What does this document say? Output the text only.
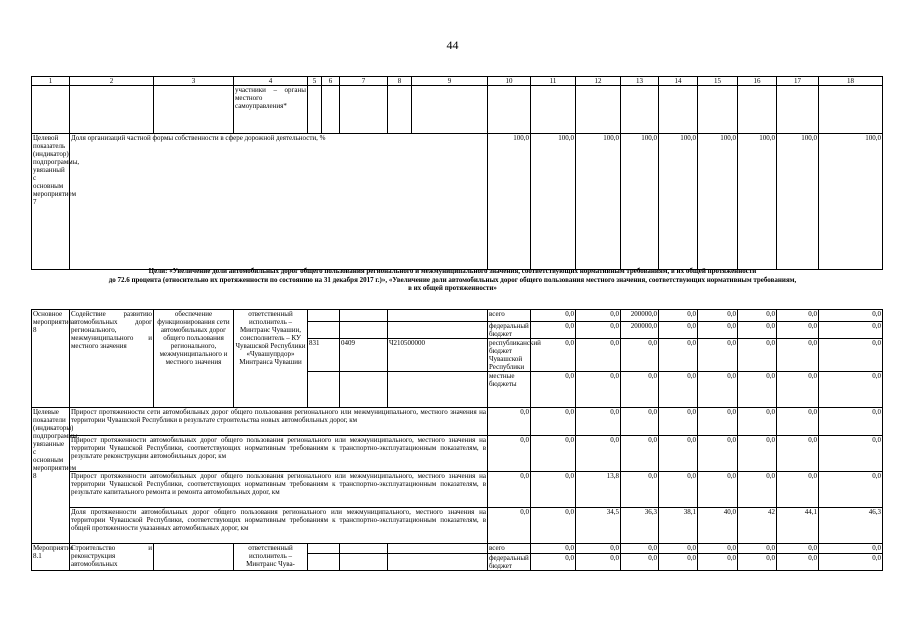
44
1	2	3	4	5	6	7	8	9	10	11	12	13	14	15	16	17	18
			участники – органы местного самоуправления*														
Целевой показатель (индикатор) подпрограммы, увязанный с основным мероприятием 7	Доля организаций частной формы собственности в сфере дорожной деятельности, %								100,0	100,0	100,0	100,0	100,0	100,0	100,0	100,0	100,0
Цели: «Увеличение доли автомобильных дорог общего пользования регионального и межмуниципального значения, соответствующих нормативным требованиям, в их общей протяженности
до 72.6 процента (относительно их протяженности по состоянию на 31 декабря 2017 г.)», «Увеличение доли автомобильных дорог общего пользования местного значения, соответствующих нормативным требованиям,
в их общей протяженности»
Основное мероприятие 8	Содействие развитию автомобильных дорог регионального, межмуниципального и местного значения	обеспечение функционирования сети автомобильных дорог общего пользования регионального, межмуниципального и местного значения	ответственный исполнитель – Минтранс Чувашии, соисполнитель – КУ Чувашской Республики «Чувашупрдор» Минтранса Чувашии				всего	0,0	0,0	200000,0	0,0	0,0	0,0	0,0	0,0	
							федеральный бюджет	0,0	0,0	200000,0	0,0	0,0	0,0	0,0	0,0	
				831	0409	Ч210500000	республиканский бюджет Чувашской Республики	0,0	0,0	0,0	0,0	0,0	0,0	0,0	0,0	
							местные бюджеты	0,0	0,0	0,0	0,0	0,0	0,0	0,0	0,0	
Целевые показатели (индикаторы) подпрограммы, увязанные с основным мероприятием 8	Прирост протяженности сети автомобильных дорог общего пользования регионального или межмуниципального, местного значения на территории Чувашской Республики в результате строительства новых автомобильных дорог, км						0,0	0,0	0,0	0,0	0,0	0,0	0,0	0,0	0,0	
	Прирост протяженности автомобильных дорог общего пользования регионального или межмуниципального, местного значения на территории Чувашской Республики, соответствующих нормативным требованиям к транспортно-эксплуатационным показателям, в результате реконструкции автомобильных дорог, км						0,0	0,0	0,0	0,0	0,0	0,0	0,0	0,0	0,0	
	Прирост протяженности автомобильных дорог общего пользования регионального или межмуниципального, местного значения на территории Чувашской Республики, соответствующих нормативным требованиям к транспортно-эксплуатационным показателям, в результате капитального ремонта и ремонта автомобильных дорог, км						0,0	0,0	13,8	0,0	0,0	0,0	0,0	0,0	0,0	
	Доля протяженности автомобильных дорог общего пользования регионального или межмуниципального, местного значения на территории Чувашской Республики, соответствующих нормативным требованиям к транспортно-эксплуатационным показателям, в общей протяженности указанных автомобильных дорог, км						0,0	0,0	34,5	36,3	38,1	40,0	42	44,1	46,3	
Мероприятие 8.1	Строительство и реконструкция автомобильных		ответственный исполнитель – Минтранс Чува-				всего	0,0	0,0	0,0	0,0	0,0	0,0	0,0	0,0	
							федеральный бюджет	0,0	0,0	0,0	0,0	0,0	0,0	0,0	0,0	
